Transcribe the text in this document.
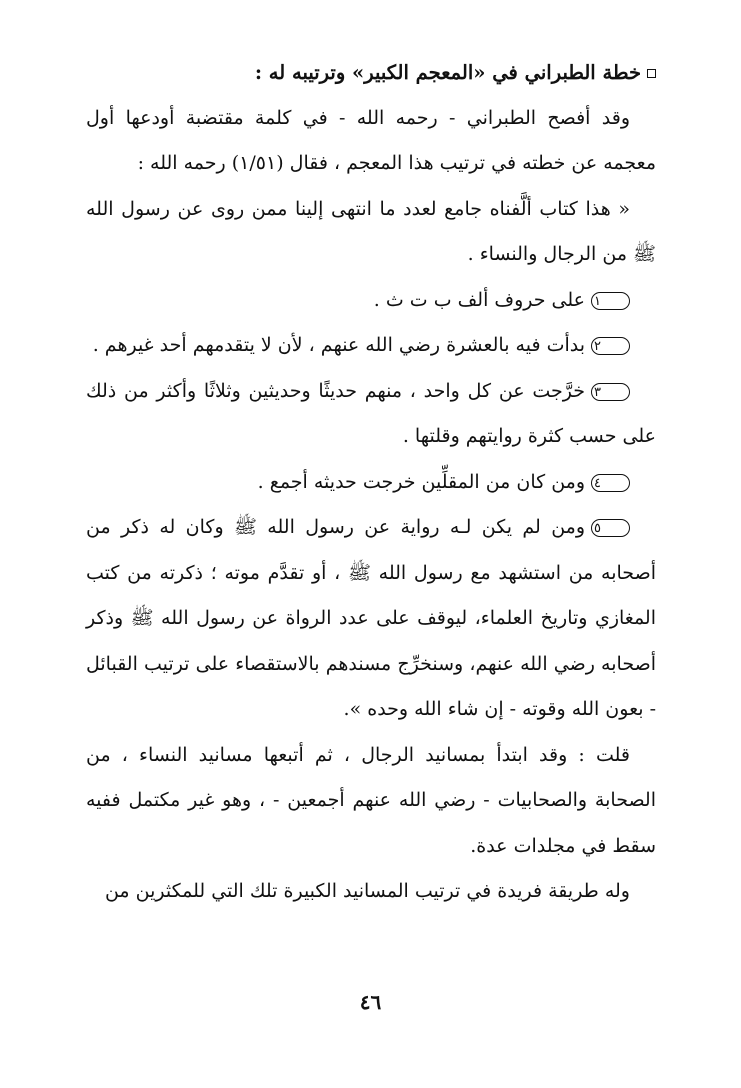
خطة الطبراني في «المعجم الكبير» وترتيبه له :

وقد أفصح الطبراني - رحمه الله - في كلمة مقتضبة أودعها أول معجمه عن خطته في ترتيب هذا المعجم ، فقال (١/٥١) رحمه الله :

« هذا كتاب ألَّفناه جامع لعدد ما انتهى إلينا ممن روى عن رسول الله ﷺ من الرجال والنساء .

١على حروف ألف ب ت ث .

٢بدأت فيه بالعشرة رضي الله عنهم ، لأن لا يتقدمهم أحد غيرهم .

٣خرَّجت عن كل واحد ، منهم حديثًا وحديثين وثلاثًا وأكثر من ذلك على حسب كثرة روايتهم وقلتها .

٤ومن كان من المقلِّين خرجت حديثه أجمع .

٥ومن لم يكن لـه رواية عن رسول الله ﷺ وكان له ذكر من أصحابه من استشهد مع رسول الله ﷺ ، أو تقدَّم موته ؛ ذكرته من كتب المغازي وتاريخ العلماء، ليوقف على عدد الرواة عن رسول الله ﷺ وذكر أصحابه رضي الله عنهم، وسنخرِّج مسندهم بالاستقصاء على ترتيب القبائل - بعون الله وقوته - إن شاء الله وحده ».

قلت : وقد ابتدأ بمسانيد الرجال ، ثم أتبعها مسانيد النساء ، من الصحابة والصحابيات - رضي الله عنهم أجمعين - ، وهو غير مكتمل ففيه سقط في مجلدات عدة.

وله طريقة فريدة في ترتيب المسانيد الكبيرة تلك التي للمكثرين من

٤٦
